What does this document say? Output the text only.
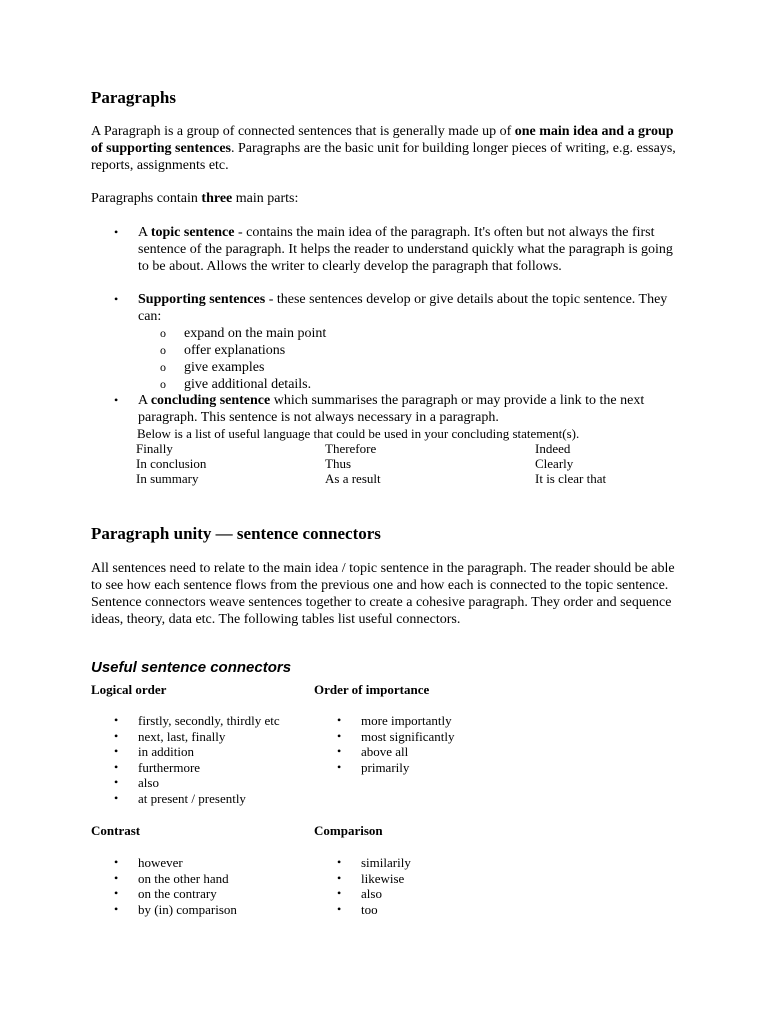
Paragraphs

A Paragraph is a group of connected sentences that is generally made up of one main idea and a group of supporting sentences. Paragraphs are the basic unit for building longer pieces of writing, e.g. essays, reports, assignments etc.

Paragraphs contain three main parts:

• A topic sentence - contains the main idea of the paragraph. It's often but not always the first sentence of the paragraph. It helps the reader to understand quickly what the paragraph is going to be about. Allows the writer to clearly develop the paragraph that follows.
• Supporting sentences - these sentences develop or give details about the topic sentence. They can:
o expand on the main point
o offer explanations
o give examples
o give additional details.
• A concluding sentence which summarises the paragraph or may provide a link to the next paragraph. This sentence is not always necessary in a paragraph.
Below is a list of useful language that could be used in your concluding statement(s).
Finally	Therefore	Indeed
In conclusion	Thus	Clearly
In summary	As a result	It is clear that
Paragraph unity — sentence connectors

All sentences need to relate to the main idea / topic sentence in the paragraph. The reader should be able to see how each sentence flows from the previous one and how each is connected to the topic sentence. Sentence connectors weave sentences together to create a cohesive paragraph. They order and sequence ideas, theory, data etc. The following tables list useful connectors.

Useful sentence connectors
Logical order
• firstly, secondly, thirdly etc
• next, last, finally
• in addition
• furthermore
• also
• at present / presently
Order of importance
• more importantly
• most significantly
• above all
• primarily
Contrast
• however
• on the other hand
• on the contrary
• by (in) comparison
Comparison
• similarily
• likewise
• also
• too
